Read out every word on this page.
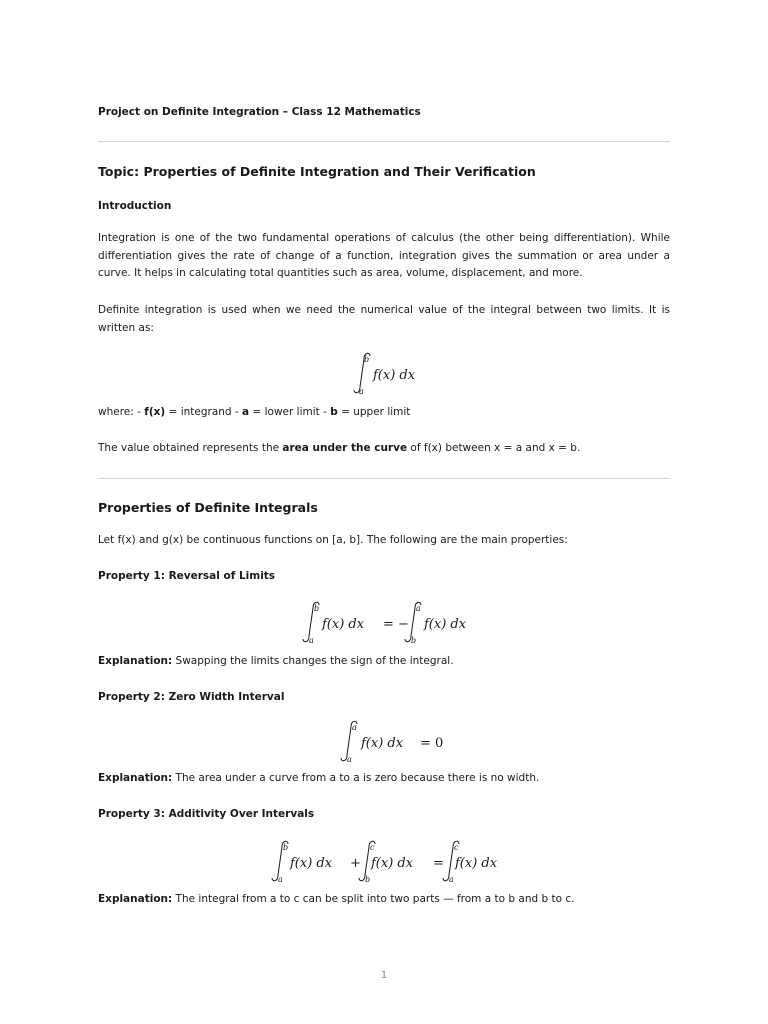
Project on Definite Integration – Class 12 Mathematics

Topic: Properties of Definite Integration and Their Verification

Introduction

Integration is one of the two fundamental operations of calculus (the other being differentiation). While differentiation gives the rate of change of a function, integration gives the summation or area under a curve. It helps in calculating total quantities such as area, volume, displacement, and more.

Definite integration is used when we need the numerical value of the integral between two limits. It is written as:

b
a
f(x) dx

where: - f(x) = integrand - a = lower limit - b = upper limit

The value obtained represents the area under the curve of f(x) between x = a and x = b.

Properties of Definite Integrals

Let f(x) and g(x) be continuous functions on [a, b]. The following are the main properties:

Property 1: Reversal of Limits

b
a
f(x) dx = −
a
b
f(x) dx

Explanation: Swapping the limits changes the sign of the integral.

Property 2: Zero Width Interval

a
a
f(x) dx = 0

Explanation: The area under a curve from a to a is zero because there is no width.

Property 3: Additivity Over Intervals

b
a
f(x) dx +
c
b
f(x) dx =
c
a
f(x) dx

Explanation: The integral from a to c can be split into two parts — from a to b and b to c.

1
